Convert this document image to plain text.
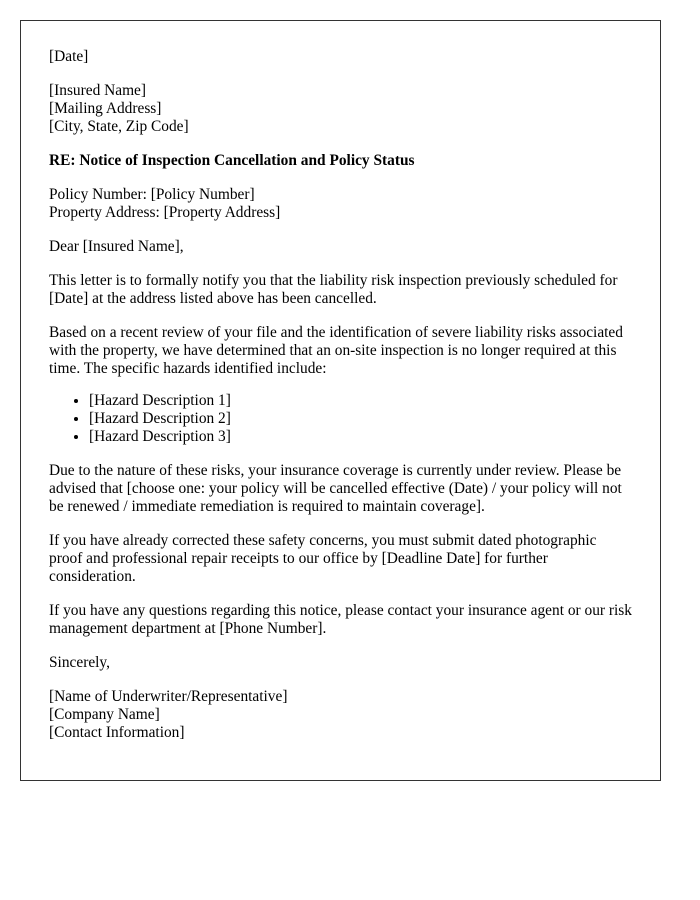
[Date]

[Insured Name]
[Mailing Address]
[City, State, Zip Code]

RE: Notice of Inspection Cancellation and Policy Status

Policy Number: [Policy Number]
Property Address: [Property Address]

Dear [Insured Name],

This letter is to formally notify you that the liability risk inspection previously scheduled for [Date] at the address listed above has been cancelled.

Based on a recent review of your file and the identification of severe liability risks associated with the property, we have determined that an on-site inspection is no longer required at this time. The specific hazards identified include:

• [Hazard Description 1]
• [Hazard Description 2]
• [Hazard Description 3]

Due to the nature of these risks, your insurance coverage is currently under review. Please be advised that [choose one: your policy will be cancelled effective (Date) / your policy will not be renewed / immediate remediation is required to maintain coverage].

If you have already corrected these safety concerns, you must submit dated photographic proof and professional repair receipts to our office by [Deadline Date] for further consideration.

If you have any questions regarding this notice, please contact your insurance agent or our risk management department at [Phone Number].

Sincerely,

[Name of Underwriter/Representative]
[Company Name]
[Contact Information]
